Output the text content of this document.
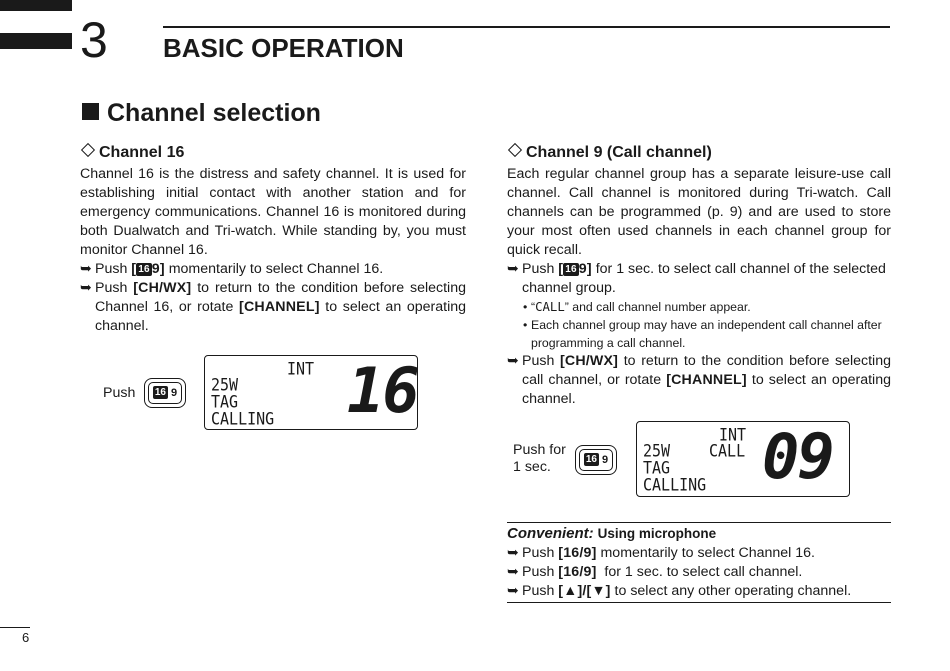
3 BASIC OPERATION
Channel selection
Channel 16

Channel 16 is the distress and safety channel. It is used for establishing initial contact with another station and for emergency communications. Channel 16 is monitored during both Dualwatch and Tri-watch. While standing by, you must monitor Channel 16.

➥ Push [ 16 9] momentarily to select Channel 16.
➥ Push [CH/WX] to return to the condition before selecting Channel 16, or rotate [CHANNEL] to select an operating channel.
Push	16 9
INT
25W
TAG
CALLING 16
Channel 9 (Call channel)

Each regular channel group has a separate leisure-use call channel. Call channel is monitored during Tri-watch. Call channels can be programmed (p. 9) and are used to store your most often used channels in each channel group for quick recall.

➥ Push [ 16 9] for 1 sec. to select call channel of the selected channel group.
• “CALL” and call channel number appear.
• Each channel group may have an independent call channel after programming a call channel.
➥ Push [CH/WX] to return to the condition before selecting call channel, or rotate [CHANNEL] to select an operating channel.
Push for
1 sec.	16 9
INT
25W	CALL
TAG
CALLING 09
Convenient: Using microphone
➥ Push [16/9] momentarily to select Channel 16.
➥ Push [16/9]  for 1 sec. to select call channel.
➥ Push [▲]/[▼] to select any other operating channel.
6
